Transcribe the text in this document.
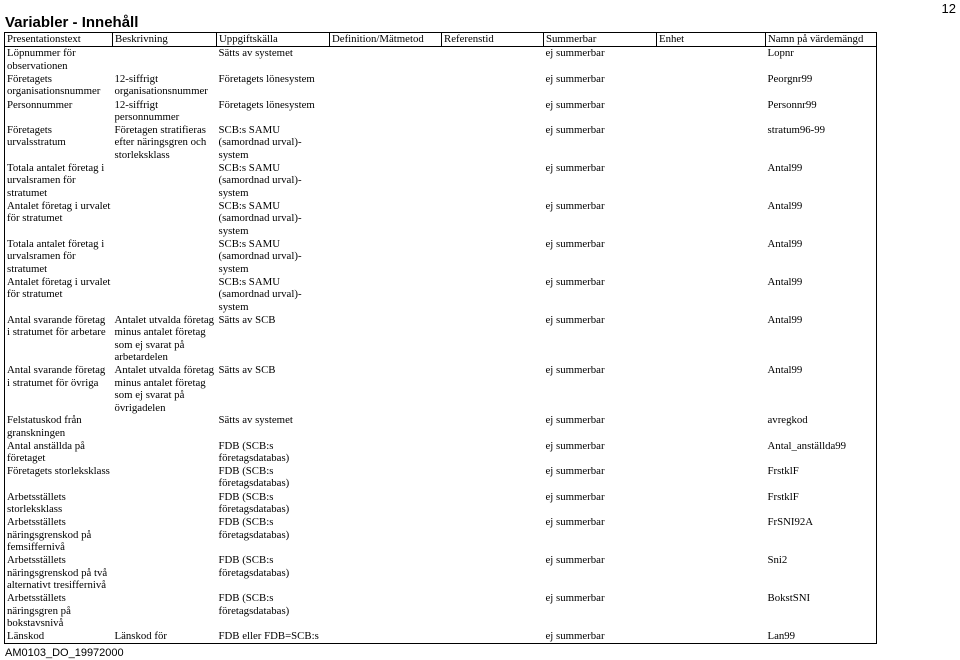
12
Variabler - Innehåll
Presentationstext	Beskrivning	Uppgiftskälla	Definition/Mätmetod	Referenstid	Summerbar	Enhet	Namn på värdemängd
Löpnummer för observationen		Sätts av systemet			ej summerbar		Lopnr
Företagets organisationsnummer	12-siffrigt organisationsnummer	Företagets lönesystem			ej summerbar		Peorgnr99
Personnummer	12-siffrigt personnummer	Företagets lönesystem			ej summerbar		Personnr99
Företagets urvalsstratum	Företagen stratifieras efter näringsgren och storleksklass	SCB:s SAMU (samordnad urval)-system			ej summerbar		stratum96-99
Totala antalet företag i urvalsramen för stratumet		SCB:s SAMU (samordnad urval)-system			ej summerbar		Antal99
Antalet företag i urvalet för stratumet		SCB:s SAMU (samordnad urval)-system			ej summerbar		Antal99
Totala antalet företag i urvalsramen för stratumet		SCB:s SAMU (samordnad urval)-system			ej summerbar		Antal99
Antalet företag i urvalet för stratumet		SCB:s SAMU (samordnad urval)-system			ej summerbar		Antal99
Antal svarande företag i stratumet för arbetare	Antalet utvalda företag minus antalet företag som ej svarat på arbetardelen	Sätts av SCB			ej summerbar		Antal99
Antal svarande företag i stratumet för övriga	Antalet utvalda företag minus antalet företag som ej svarat på övrigadelen	Sätts av SCB			ej summerbar		Antal99
Felstatuskod från granskningen		Sätts av systemet			ej summerbar		avregkod
Antal anställda på företaget		FDB (SCB:s företagsdatabas)			ej summerbar		Antal_anställda99
Företagets storleksklass		FDB (SCB:s företagsdatabas)			ej summerbar		FrstklF
Arbetsställets storleksklass		FDB (SCB:s företagsdatabas)			ej summerbar		FrstklF
Arbetsställets näringsgrenskod på femsiffernivå		FDB (SCB:s företagsdatabas)			ej summerbar		FrSNI92A
Arbetsställets näringsgrenskod på två alternativt tresiffernivå		FDB (SCB:s företagsdatabas)			ej summerbar		Sni2
Arbetsställets näringsgren på bokstavsnivå		FDB (SCB:s företagsdatabas)			ej summerbar		BokstSNI
Länskod	Länskod för	FDB eller FDB=SCB:s			ej summerbar		Lan99
AM0103_DO_19972000
